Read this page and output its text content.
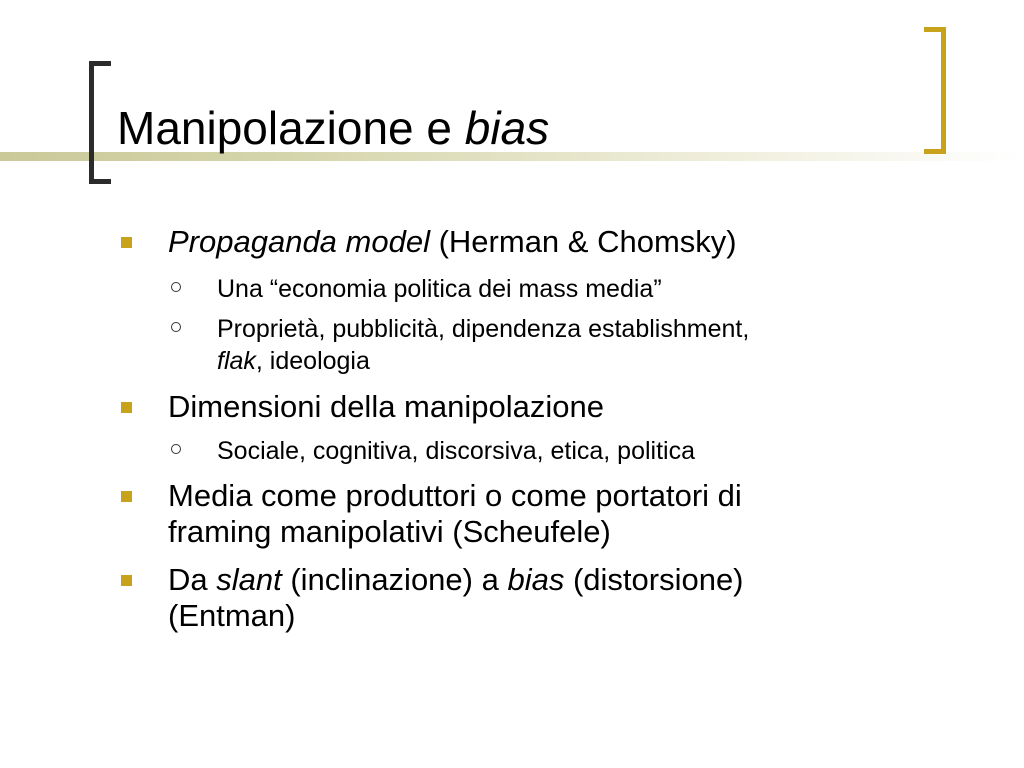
Manipolazione e bias
Propaganda model (Herman & Chomsky)
Una “economia politica dei mass media”
Proprietà, pubblicità, dipendenza establishment,
flak, ideologia
Dimensioni della manipolazione
Sociale, cognitiva, discorsiva, etica, politica
Media come produttori o come portatori di
framing manipolativi (Scheufele)
Da slant (inclinazione) a bias (distorsione)
(Entman)
